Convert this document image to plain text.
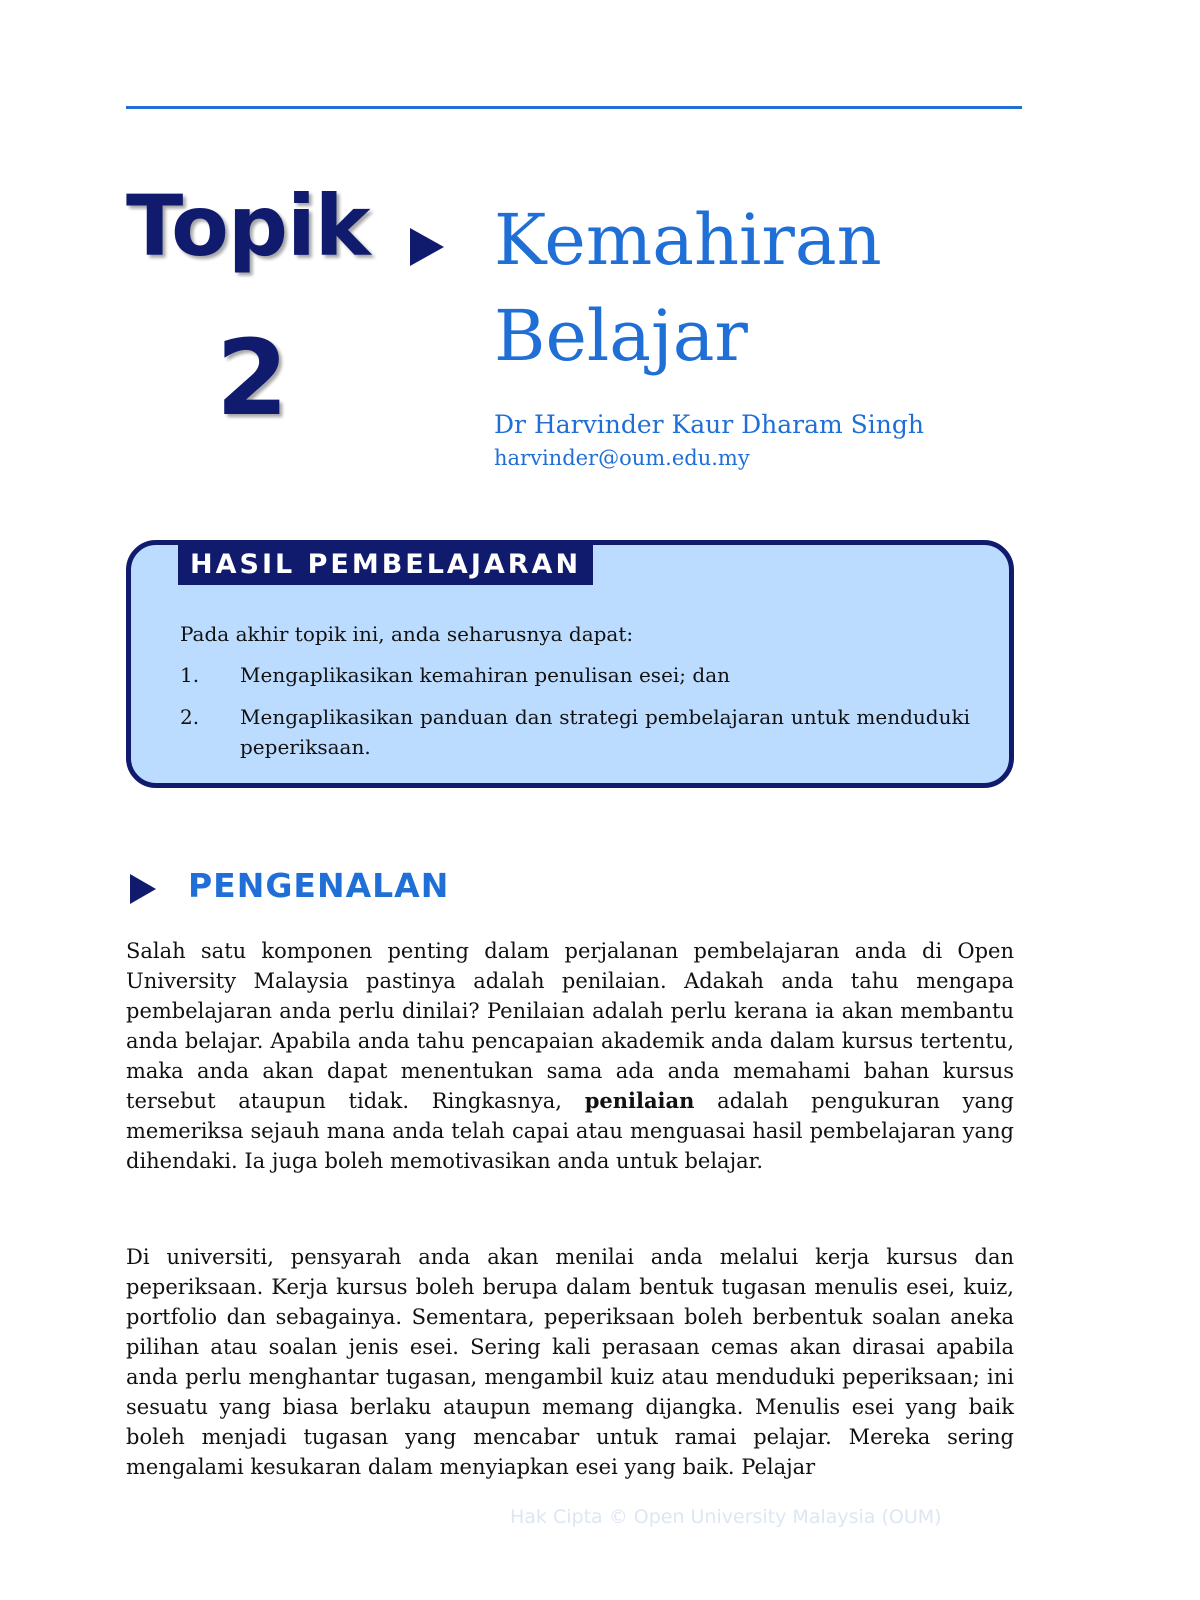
Topik
2
Kemahiran
Belajar
Dr Harvinder Kaur Dharam Singh
harvinder@oum.edu.my
HASIL PEMBELAJARAN
Pada akhir topik ini, anda seharusnya dapat:
1.	Mengaplikasikan kemahiran penulisan esei; dan
2.	Mengaplikasikan panduan dan strategi pembelajaran untuk menduduki peperiksaan.
PENGENALAN

Salah satu komponen penting dalam perjalanan pembelajaran anda di Open University Malaysia pastinya adalah penilaian. Adakah anda tahu mengapa pembelajaran anda perlu dinilai? Penilaian adalah perlu kerana ia akan membantu anda belajar. Apabila anda tahu pencapaian akademik anda dalam kursus tertentu, maka anda akan dapat menentukan sama ada anda memahami bahan kursus tersebut ataupun tidak. Ringkasnya, penilaian adalah pengukuran yang memeriksa sejauh mana anda telah capai atau menguasai hasil pembelajaran yang dihendaki. Ia juga boleh memotivasikan anda untuk belajar.

Di universiti, pensyarah anda akan menilai anda melalui kerja kursus dan peperiksaan. Kerja kursus boleh berupa dalam bentuk tugasan menulis esei, kuiz, portfolio dan sebagainya. Sementara, peperiksaan boleh berbentuk soalan aneka pilihan atau soalan jenis esei. Sering kali perasaan cemas akan dirasai apabila anda perlu menghantar tugasan, mengambil kuiz atau menduduki peperiksaan; ini sesuatu yang biasa berlaku ataupun memang dijangka. Menulis esei yang baik boleh menjadi tugasan yang mencabar untuk ramai pelajar. Mereka sering mengalami kesukaran dalam menyiapkan esei yang baik. Pelajar

Hak Cipta © Open University Malaysia (OUM)
